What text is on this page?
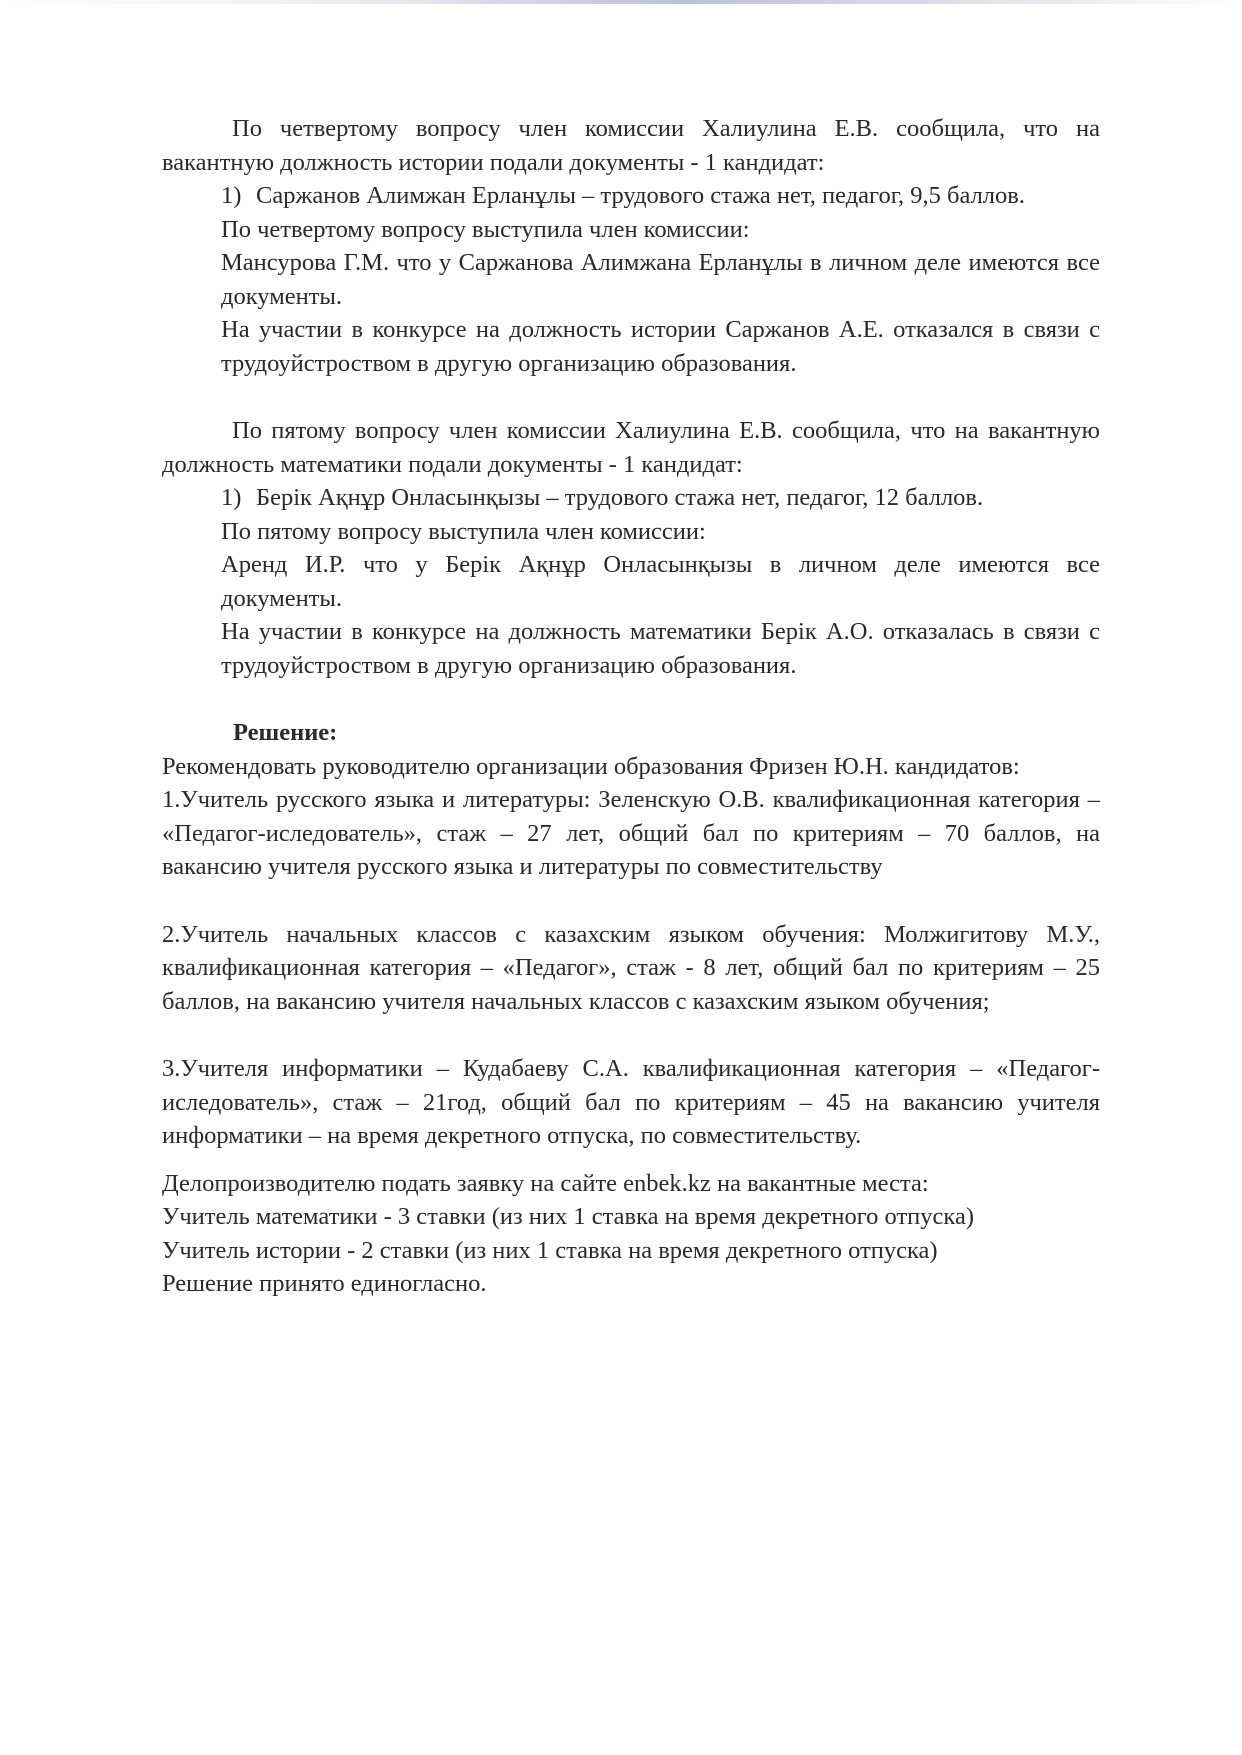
По четвертому вопросу член комиссии Халиулина Е.В. сообщила, что на вакантную должность истории подали документы - 1 кандидат:

1) Саржанов Алимжан Ерланұлы – трудового стажа нет, педагог, 9,5 баллов.

По четвертому вопросу выступила член комиссии:

Мансурова Г.М. что у Саржанова Алимжана Ерланұлы в личном деле имеются все документы.

На участии в конкурсе на должность истории Саржанов А.Е. отказался в связи с трудоуйстроством в другую организацию образования.

По пятому вопросу член комиссии Халиулина Е.В. сообщила, что на вакантную должность математики подали документы - 1 кандидат:

1) Берік Ақнұр Онласынқызы – трудового стажа нет, педагог, 12 баллов.

По пятому вопросу выступила член комиссии:

Аренд И.Р. что у Берік Ақнұр Онласынқызы в личном деле имеются все документы.

На участии в конкурсе на должность математики Берік А.О. отказалась в связи с трудоуйстроством в другую организацию образования.

Решение:

Рекомендовать руководителю организации образования Фризен Ю.Н. кандидатов:

1.Учитель русского языка и литературы: Зеленскую О.В. квалификационная категория – «Педагог-иследователь», стаж – 27 лет, общий бал по критериям – 70 баллов, на вакансию учителя русского языка и литературы по совместительству

2.Учитель начальных классов с казахским языком обучения: Молжигитову М.У., квалификационная категория – «Педагог», стаж - 8 лет, общий бал по критериям – 25 баллов, на вакансию учителя начальных классов с казахским языком обучения;

3.Учителя информатики – Кудабаеву С.А. квалификационная категория – «Педагог-иследователь», стаж – 21год, общий бал по критериям – 45 на вакансию учителя информатики – на время декретного отпуска, по совместительству.

Делопроизводителю подать заявку на сайте enbek.kz на вакантные места:

Учитель математики - 3 ставки (из них 1 ставка на время декретного отпуска)

Учитель истории - 2 ставки (из них 1 ставка на время декретного отпуска)

Решение принято единогласно.
